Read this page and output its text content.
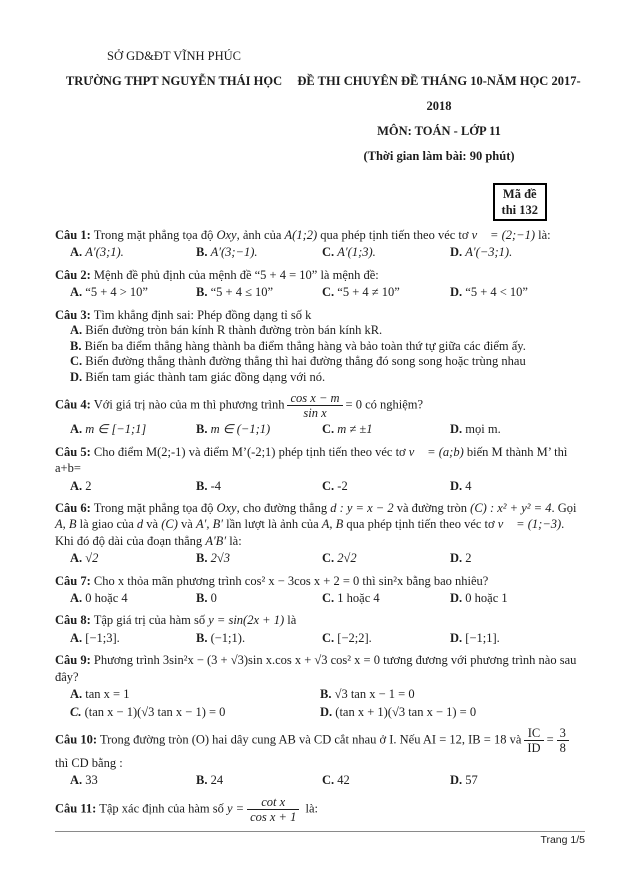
SỞ GD&ĐT VĨNH PHÚC
TRƯỜNG THPT NGUYỄN THÁI HỌC	ĐỀ THI CHUYÊN ĐỀ THÁNG 10-NĂM HỌC 2017-2018
MÔN: TOÁN - LỚP 11
(Thời gian làm bài: 90 phút)
Mã đề
thi 132
Câu 1: Trong mặt phẳng tọa độ Oxy, ảnh của A(1;2) qua phép tịnh tiến theo véc tơ v⃗ = (2;−1) là:
A. A′(3;1).	B. A′(3;−1).	C. A′(1;3).	D. A′(−3;1).
Câu 2: Mệnh đề phủ định của mệnh đề “5 + 4 = 10” là mệnh đề:
A. “5 + 4 > 10”	B. “5 + 4 ≤ 10”	C. “5 + 4 ≠ 10”	D. “5 + 4 < 10”
Câu 3: Tìm khẳng định sai: Phép đồng dạng tỉ số k
A. Biến đường tròn bán kính R thành đường tròn bán kính kR.
B. Biến ba điểm thẳng hàng thành ba điểm thẳng hàng và bảo toàn thứ tự giữa các điểm ấy.
C. Biến đường thẳng thành đường thẳng thì hai đường thẳng đó song song hoặc trùng nhau
D. Biến tam giác thành tam giác đồng dạng với nó.
Câu 4: Với giá trị nào của m thì phương trình $\frac{\text{cos x − m}}{\text{sin x}} = 0$ có nghiệm?
A. m ∈ [−1;1]	B. m ∈ (−1;1)	C. m ≠ ±1	D. mọi m.
Câu 5: Cho điểm M(2;-1) và điểm M’(-2;1) phép tịnh tiến theo véc tơ v⃗ = (a;b) biến M thành M’ thì a+b=
A. 2	B. -4	C. -2	D. 4
Câu 6: Trong mặt phẳng tọa độ Oxy, cho đường thẳng d : y = x − 2 và đường tròn (C) : x² + y² = 4. Gọi A, B là giao của d và (C) và A′, B′ lần lượt là ảnh của A, B qua phép tịnh tiến theo véc tơ v⃗ = (1;−3). Khi đó độ dài của đoạn thẳng A′B′ là:
A. √2	B. 2√3	C. 2√2	D. 2
Câu 7: Cho x thỏa mãn phương trình cos² x − 3cos x + 2 = 0 thì sin²x bằng bao nhiêu?
A. 0 hoặc 4	B. 0	C. 1 hoặc 4	D. 0 hoặc 1
Câu 8: Tập giá trị của hàm số y = sin(2x + 1) là
A. [−1;3].	B. (−1;1).	C. [−2;2].	D. [−1;1].
Câu 9: Phương trình 3sin²x − (3 + √3)sin x.cos x + √3 cos² x = 0 tương đương với phương trình nào sau đây?
A. tan x = 1	B. √3 tan x − 1 = 0
C. (tan x − 1)(√3 tan x − 1) = 0	D. (tan x + 1)(√3 tan x − 1) = 0
Câu 10: Trong đường tròn (O) hai dây cung AB và CD cắt nhau ở I. Nếu AI = 12, IB = 18 và $\frac{IC}{ID} = \frac{3}{8}$
thì CD bằng :
A. 33	B. 24	C. 42	D. 57
Câu 11: Tập xác định của hàm số $y = \frac{\text{cot x}}{\text{cos x + 1}}$ là:
Trang 1/5
